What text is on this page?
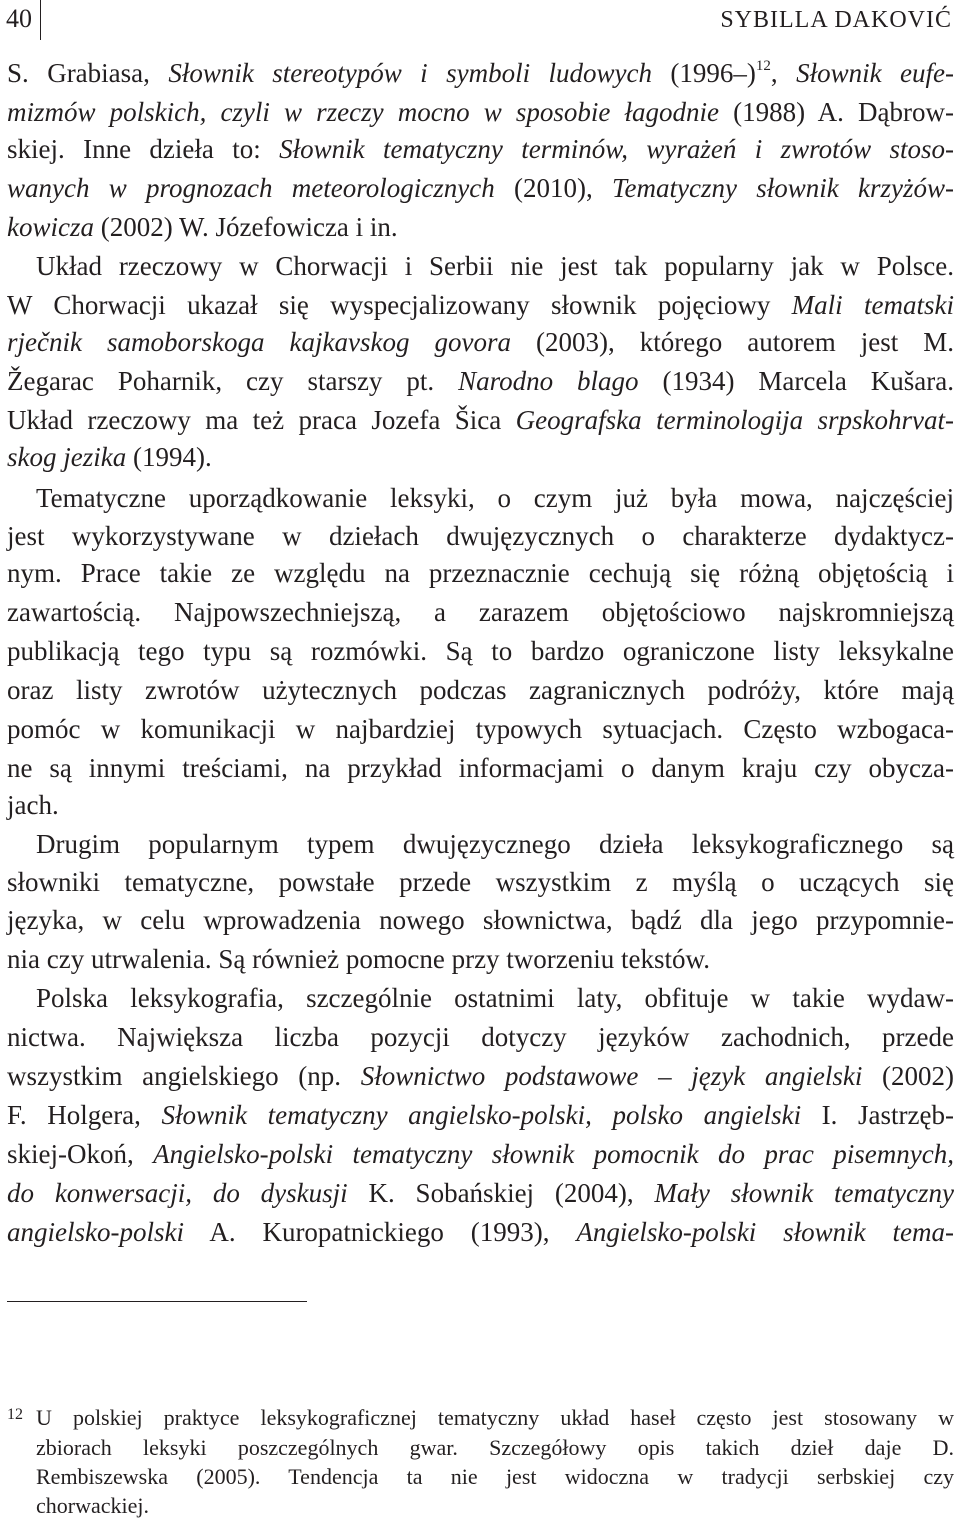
40	SYBILLA DAKOVIĆ
S. Grabiasa, Słownik stereotypów i symboli ludowych $(1996-)^{12}$, Słownik eufe-
mizmów polskich, czyli w rzeczy mocno w sposobie łagodnie (1988) A. Dąbrow-
skiej. Inne dzieła to: Słownik tematyczny terminów, wyrażeń i zwrotów stoso-
wanych w prognozach meteorologicznych (2010), Tematyczny słownik krzyżów-
kowicza (2002) W. Józefowicza i in.
Układ rzeczowy w Chorwacji i Serbii nie jest tak popularny jak w Polsce.
W Chorwacji ukazał się wyspecjalizowany słownik pojęciowy Mali tematski
rječnik samoborskoga kajkavskog govora (2003), którego autorem jest M.
Žegarac Poharnik, czy starszy pt. Narodno blago (1934) Marcela Kušara.
Układ rzeczowy ma też praca Jozefa Šica Geografska terminologija srpskohrvat-
skog jezika (1994).
Tematyczne uporządkowanie leksyki, o czym już była mowa, najczęściej
jest wykorzystywane w dziełach dwujęzycznych o charakterze dydaktycz-
nym. Prace takie ze względu na przeznacznie cechują się różną objętością i
zawartością. Najpowszechniejszą, a zarazem objętościowo najskromniejszą
publikacją tego typu są rozmówki. Są to bardzo ograniczone listy leksykalne
oraz listy zwrotów użytecznych podczas zagranicznych podróży, które mają
pomóc w komunikacji w najbardziej typowych sytuacjach. Często wzbogaca-
ne są innymi treściami, na przykład informacjami o danym kraju czy obycza-
jach.
Drugim popularnym typem dwujęzycznego dzieła leksykograficznego są
słowniki tematyczne, powstałe przede wszystkim z myślą o uczących się
języka, w celu wprowadzenia nowego słownictwa, bądź dla jego przypomnie-
nia czy utrwalenia. Są również pomocne przy tworzeniu tekstów.
Polska leksykografia, szczególnie ostatnimi laty, obfituje w takie wydaw-
nictwa. Największa liczba pozycji dotyczy języków zachodnich, przede
wszystkim angielskiego (np. Słownictwo podstawowe – język angielski (2002)
F. Holgera, Słownik tematyczny angielsko-polski, polsko angielski I. Jastrzęb-
skiej-Okoń, Angielsko-polski tematyczny słownik pomocnik do prac pisemnych,
do konwersacji, do dyskusji K. Sobańskiej (2004), Mały słownik tematyczny
angielsko-polski A. Kuropatnickiego (1993), Angielsko-polski słownik tema-
12 U polskiej praktyce leksykograficznej tematyczny układ haseł często jest stosowany w
zbiorach leksyki poszczególnych gwar. Szczegółowy opis takich dzieł daje D.
Rembiszewska (2005). Tendencja ta nie jest widoczna w tradycji serbskiej czy
chorwackiej.
